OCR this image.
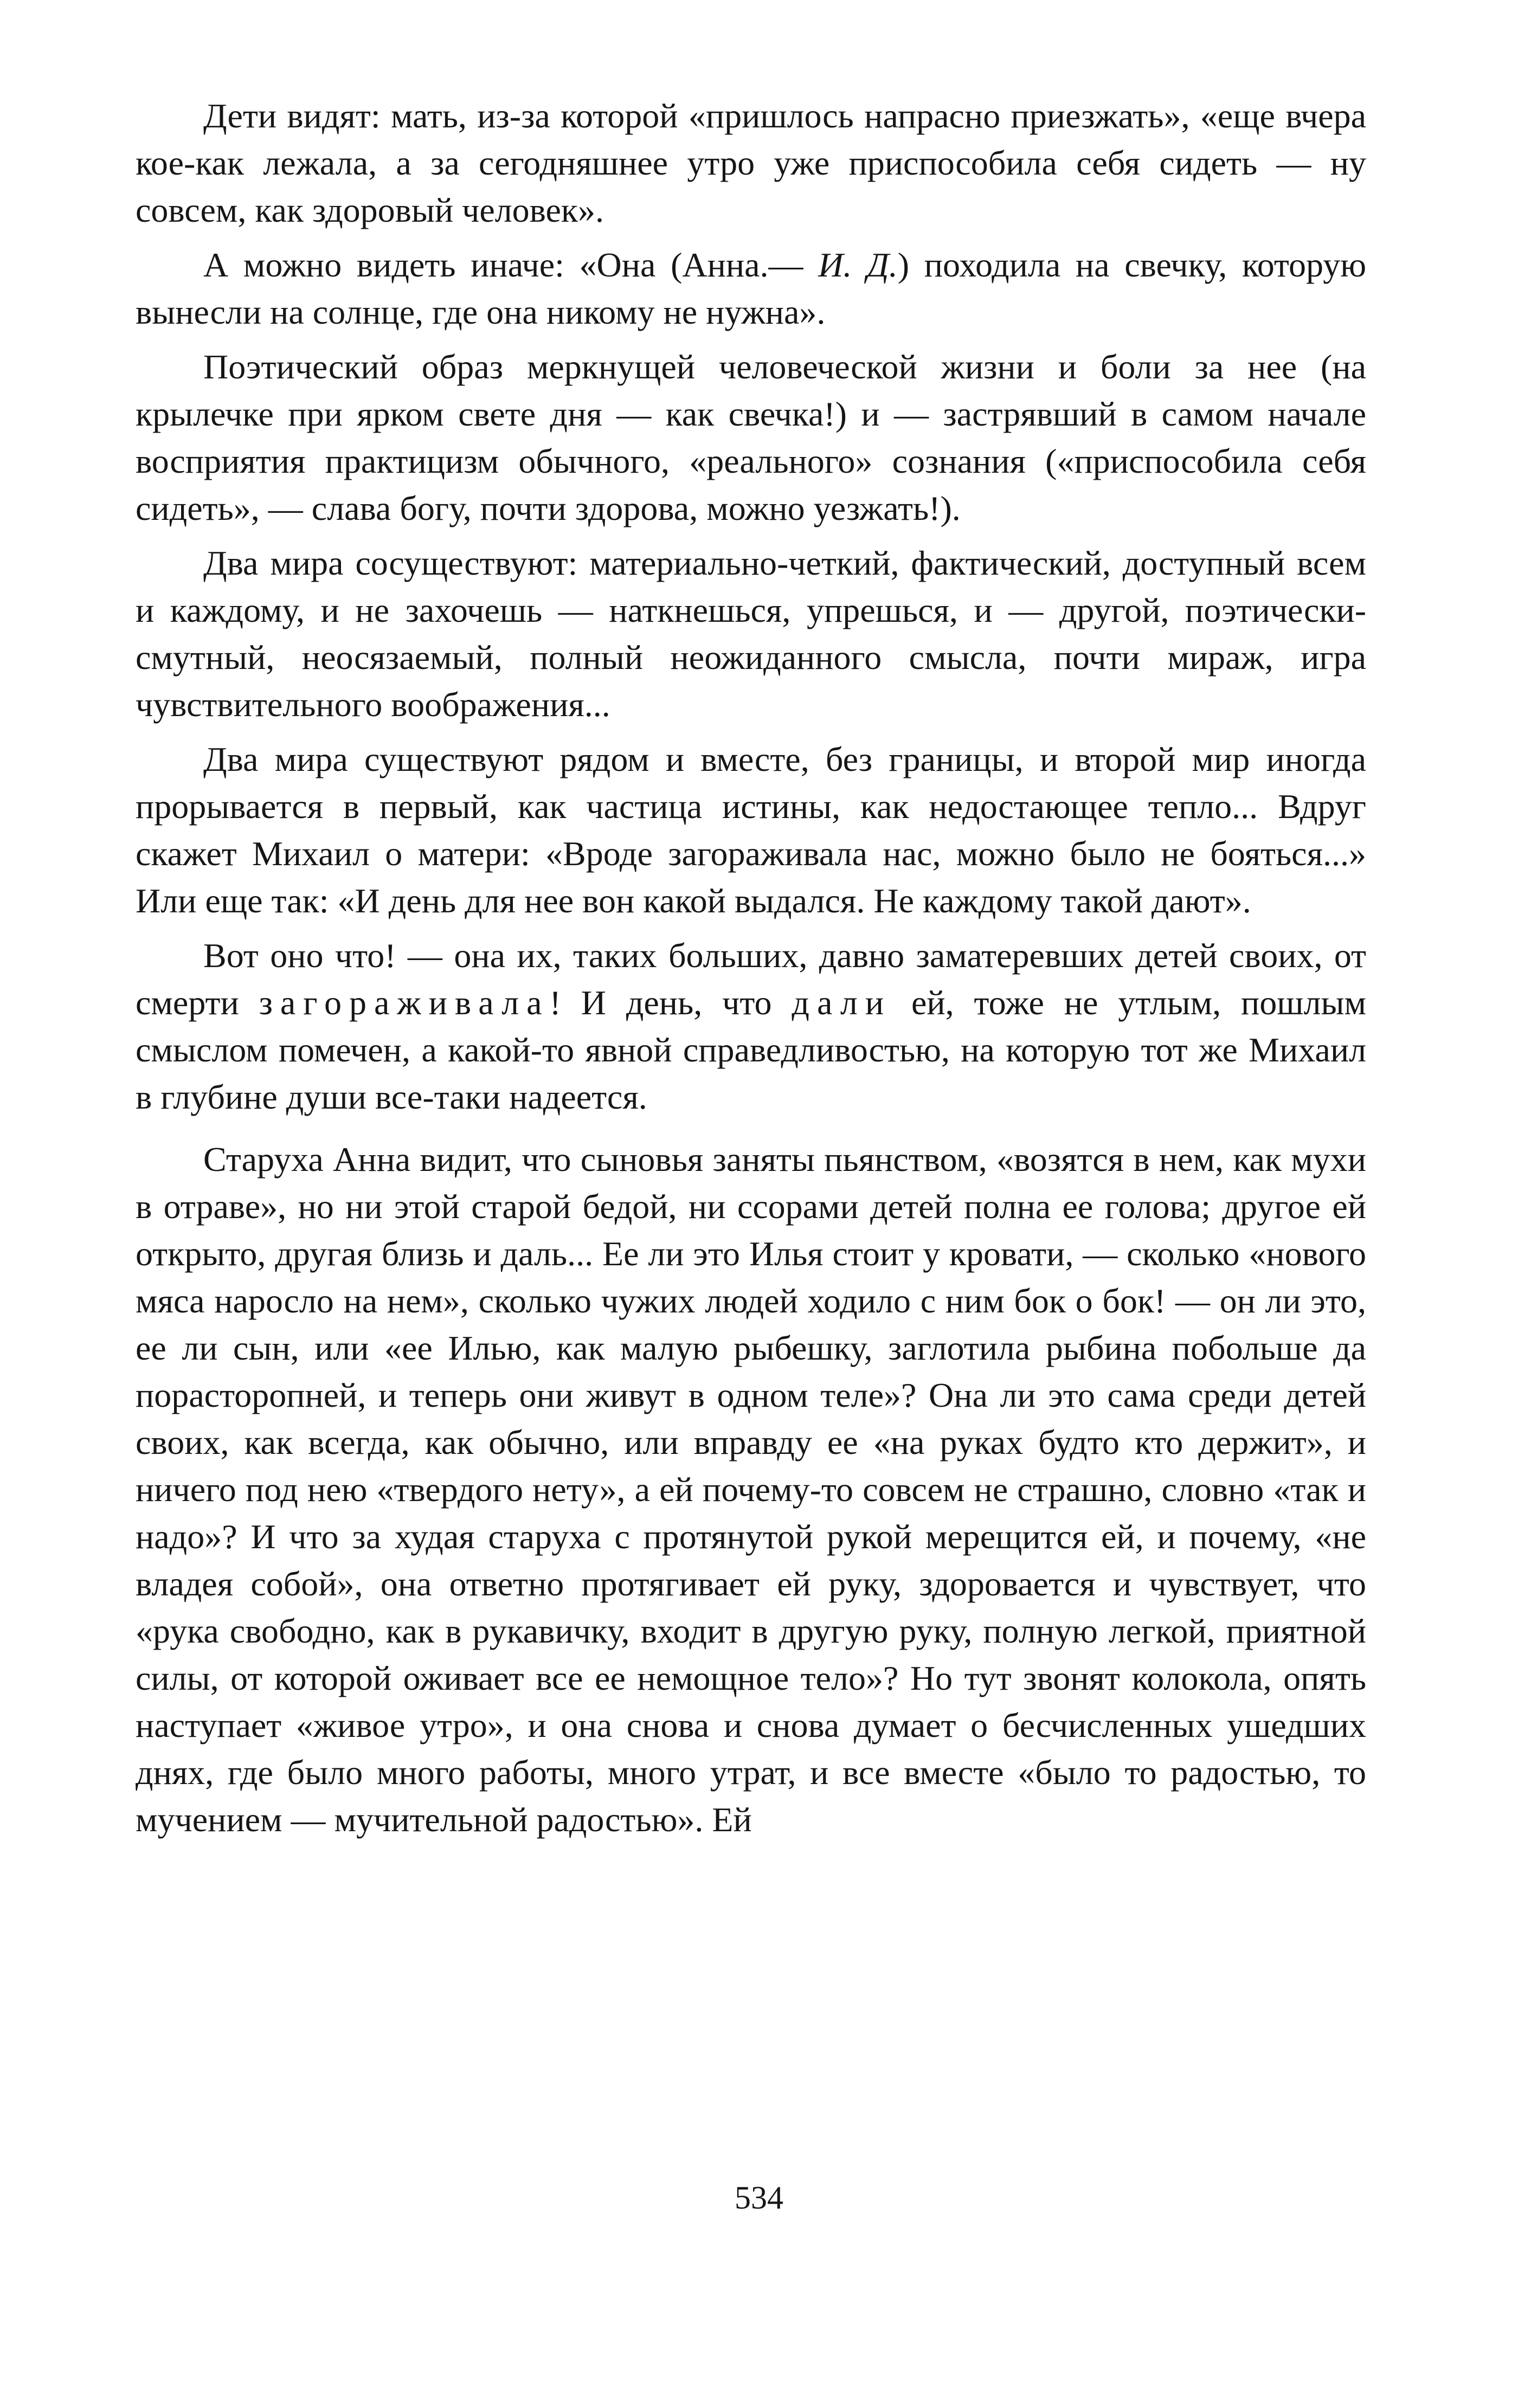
Дети видят: мать, из-за которой «пришлось напрасно приезжать», «еще вчера кое-как лежала, а за сегодняшнее утро уже приспособила себя сидеть — ну совсем, как здоровый человек».

А можно видеть иначе: «Она (Анна.— И. Д.) походила на свечку, которую вынесли на солнце, где она никому не нужна».

Поэтический образ меркнущей человеческой жизни и боли за нее (на крылечке при ярком свете дня — как свечка!) и — застрявший в самом начале восприятия практицизм обычного, «реального» сознания («приспособила себя сидеть», — слава богу, почти здорова, можно уезжать!).

Два мира сосуществуют: материально-четкий, фактический, доступный всем и каждому, и не захочешь — наткнешься, упрешься, и — другой, поэтически-смутный, неосязаемый, полный неожиданного смысла, почти мираж, игра чувствительного воображения...

Два мира существуют рядом и вместе, без границы, и второй мир иногда прорывается в первый, как частица истины, как недостающее тепло... Вдруг скажет Михаил о матери: «Вроде загораживала нас, можно было не бояться...» Или еще так: «И день для нее вон какой выдался. Не каждому такой дают».

Вот оно что! — она их, таких больших, давно заматеревших детей своих, от смерти загораживала! И день, что дали ей, тоже не утлым, пошлым смыслом помечен, а какой-то явной справедливостью, на которую тот же Михаил в глубине души все-таки надеется.

Старуха Анна видит, что сыновья заняты пьянством, «возятся в нем, как мухи в отраве», но ни этой старой бедой, ни ссорами детей полна ее голова; другое ей открыто, другая близь и даль... Ее ли это Илья стоит у кровати, — сколько «нового мяса наросло на нем», сколько чужих людей ходило с ним бок о бок! — он ли это, ее ли сын, или «ее Илью, как малую рыбешку, заглотила рыбина побольше да порасторопней, и теперь они живут в одном теле»? Она ли это сама среди детей своих, как всегда, как обычно, или вправду ее «на руках будто кто держит», и ничего под нею «твердого нету», а ей почему-то совсем не страшно, словно «так и надо»? И что за худая старуха с протянутой рукой мерещится ей, и почему, «не владея собой», она ответно протягивает ей руку, здоровается и чувствует, что «рука свободно, как в рукавичку, входит в другую руку, полную легкой, приятной силы, от которой оживает все ее немощное тело»? Но тут звонят колокола, опять наступает «живое утро», и она снова и снова думает о бесчисленных ушедших днях, где было много работы, много утрат, и все вместе «было то радостью, то мучением — мучительной радостью». Ей

534
